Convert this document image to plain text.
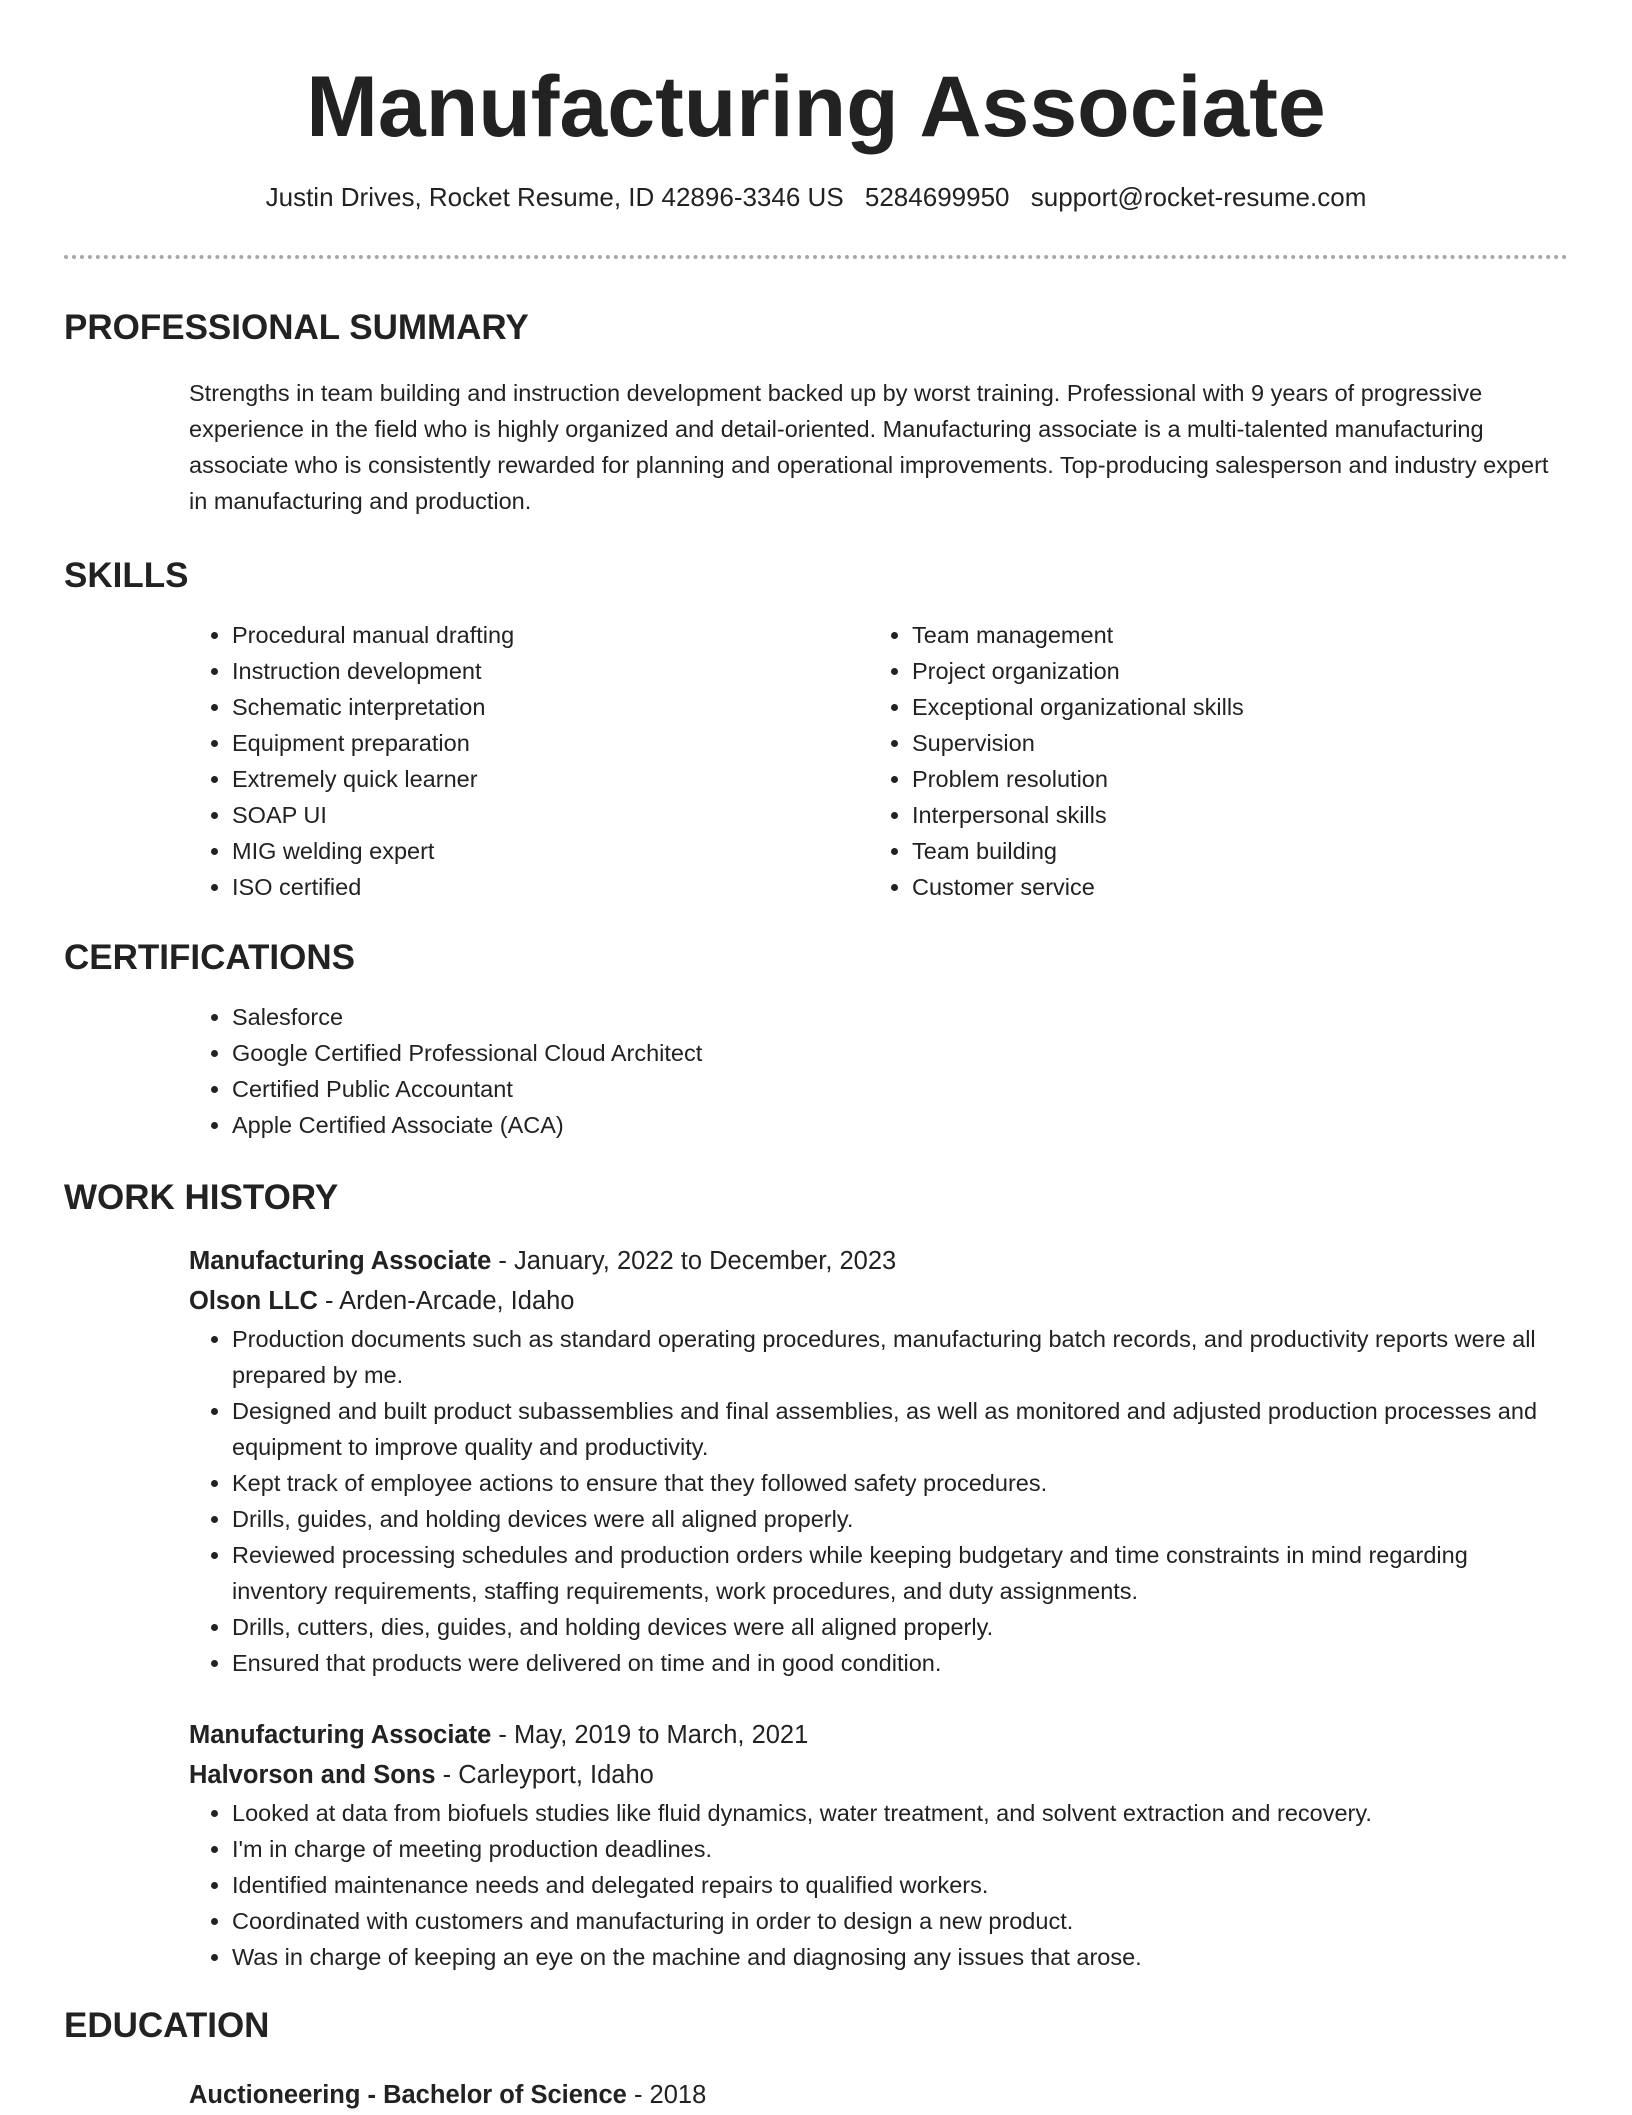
Manufacturing Associate
Justin Drives, Rocket Resume, ID 42896-3346 US 5284699950 support@rocket-resume.com
PROFESSIONAL SUMMARY

Strengths in team building and instruction development backed up by worst training. Professional with 9 years of progressive experience in the field who is highly organized and detail-oriented. Manufacturing associate is a multi-talented manufacturing associate who is consistently rewarded for planning and operational improvements. Top-producing salesperson and industry expert in manufacturing and production.

SKILLS
• Procedural manual drafting
• Instruction development
• Schematic interpretation
• Equipment preparation
• Extremely quick learner
• SOAP UI
• MIG welding expert
• ISO certified
• Team management
• Project organization
• Exceptional organizational skills
• Supervision
• Problem resolution
• Interpersonal skills
• Team building
• Customer service
CERTIFICATIONS
• Salesforce
• Google Certified Professional Cloud Architect
• Certified Public Accountant
• Apple Certified Associate (ACA)
WORK HISTORY
Manufacturing Associate - January, 2022 to December, 2023
Olson LLC - Arden-Arcade, Idaho
• Production documents such as standard operating procedures, manufacturing batch records, and productivity reports were all prepared by me.
• Designed and built product subassemblies and final assemblies, as well as monitored and adjusted production processes and equipment to improve quality and productivity.
• Kept track of employee actions to ensure that they followed safety procedures.
• Drills, guides, and holding devices were all aligned properly.
• Reviewed processing schedules and production orders while keeping budgetary and time constraints in mind regarding inventory requirements, staffing requirements, work procedures, and duty assignments.
• Drills, cutters, dies, guides, and holding devices were all aligned properly.
• Ensured that products were delivered on time and in good condition.
Manufacturing Associate - May, 2019 to March, 2021
Halvorson and Sons - Carleyport, Idaho
• Looked at data from biofuels studies like fluid dynamics, water treatment, and solvent extraction and recovery.
• I'm in charge of meeting production deadlines.
• Identified maintenance needs and delegated repairs to qualified workers.
• Coordinated with customers and manufacturing in order to design a new product.
• Was in charge of keeping an eye on the machine and diagnosing any issues that arose.
EDUCATION
Auctioneering - Bachelor of Science - 2018
